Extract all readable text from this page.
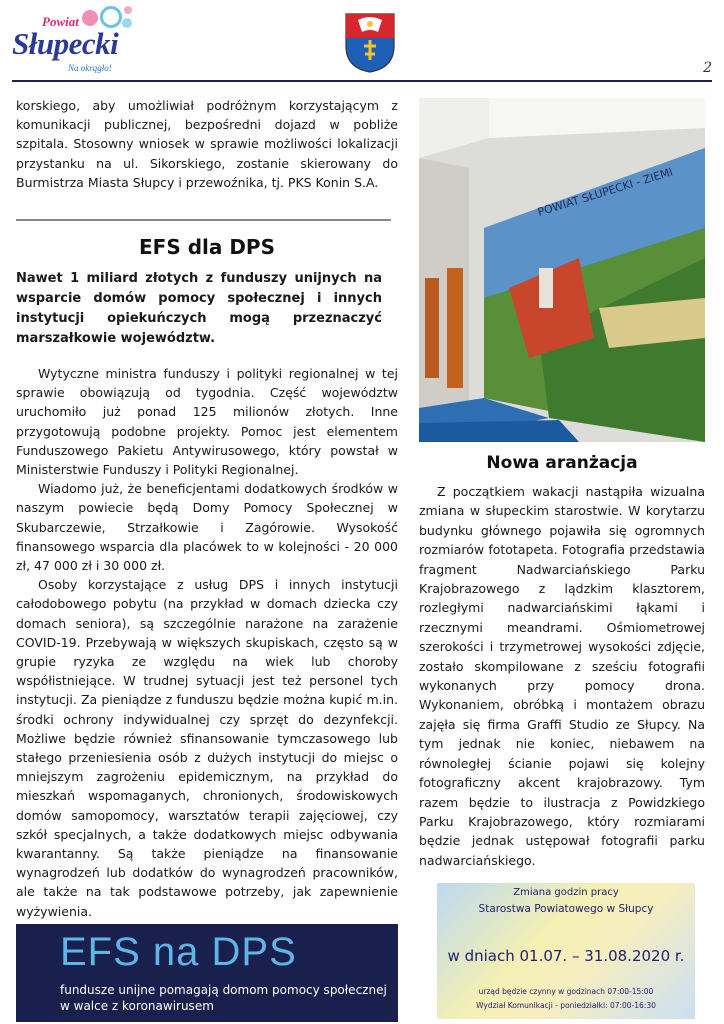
Powiat
Słupecki
Na okrągło!	2

korskiego, aby umożliwiał podróżnym korzystającym z komunikacji publicznej, bezpośredni dojazd w pobliże szpitala. Stosowny wniosek w sprawie możliwości lokalizacji przystanku na ul. Sikorskiego, zostanie skierowany do Burmistrza Miasta Słupcy i przewoźnika, tj. PKS Konin S.A.

EFS dla DPS

Nawet 1 miliard złotych z funduszy unijnych na wsparcie domów pomocy społecznej i innych instytucji opiekuńczych mogą przeznaczyć marszałkowie województw.

Wytyczne ministra funduszy i polityki regionalnej w tej sprawie obowiązują od tygodnia. Część województw uruchomiło już ponad 125 milionów złotych. Inne przygotowują podobne projekty. Pomoc jest elementem Funduszowego Pakietu Antywirusowego, który powstał w Ministerstwie Funduszy i Polityki Regionalnej.

Wiadomo już, że beneficjentami dodatkowych środków w naszym powiecie będą Domy Pomocy Społecznej w Skubarczewie, Strzałkowie i Zagórowie. Wysokość finansowego wsparcia dla placówek to w kolejności - 20 000 zł, 47 000 zł i 30 000 zł.

Osoby korzystające z usług DPS i innych instytucji całodobowego pobytu (na przykład w domach dziecka czy domach seniora), są szczególnie narażone na zarażenie COVID-19. Przebywają w większych skupiskach, często są w grupie ryzyka ze względu na wiek lub choroby współistniejące. W trudnej sytuacji jest też personel tych instytucji. Za pieniądze z funduszu będzie można kupić m.in. środki ochrony indywidualnej czy sprzęt do dezynfekcji. Możliwe będzie również sfinansowanie tymczasowego lub stałego przeniesienia osób z dużych instytucji do miejsc o mniejszym zagrożeniu epidemicznym, na przykład do mieszkań wspomaganych, chronionych, środowiskowych domów samopomocy, warsztatów terapii zajęciowej, czy szkół specjalnych, a także dodatkowych miejsc odbywania kwarantanny. Są także pieniądze na finansowanie wynagrodzeń lub dodatków do wynagrodzeń pracowników, ale także na tak podstawowe potrzeby, jak zapewnienie wyżywienia.

EFS na DPS
fundusze unijne pomagają domom pomocy społecznej w walce z koronawirusem
POWIAT SŁUPECKI - ZIEMI
Nowa aranżacja

Z początkiem wakacji nastąpiła wizualna zmiana w słupeckim starostwie. W korytarzu budynku głównego pojawiła się ogromnych rozmiarów fototapeta. Fotografia przedstawia fragment Nadwarciańskiego Parku Krajobrazowego z lądzkim klasztorem, rozległymi nadwarciańskimi łąkami i rzecznymi meandrami. Ośmiometrowej szerokości i trzymetrowej wysokości zdjęcie, zostało skompilowane z sześciu fotografii wykonanych przy pomocy drona. Wykonaniem, obróbką i montażem obrazu zajęła się firma Graffi Studio ze Słupcy. Na tym jednak nie koniec, niebawem na równoległej ścianie pojawi się kolejny fotograficzny akcent krajobrazowy. Tym razem będzie to ilustracja z Powidzkiego Parku Krajobrazowego, który rozmiarami będzie jednak ustępował fotografii parku nadwarciańskiego.

Zmiana godzin pracy
Starostwa Powiatowego w Słupcy
w dniach 01.07. – 31.08.2020 r.
urząd będzie czynny w godzinach 07:00-15:00
Wydział Komunikacji - poniedziałki: 07:00-16:30
